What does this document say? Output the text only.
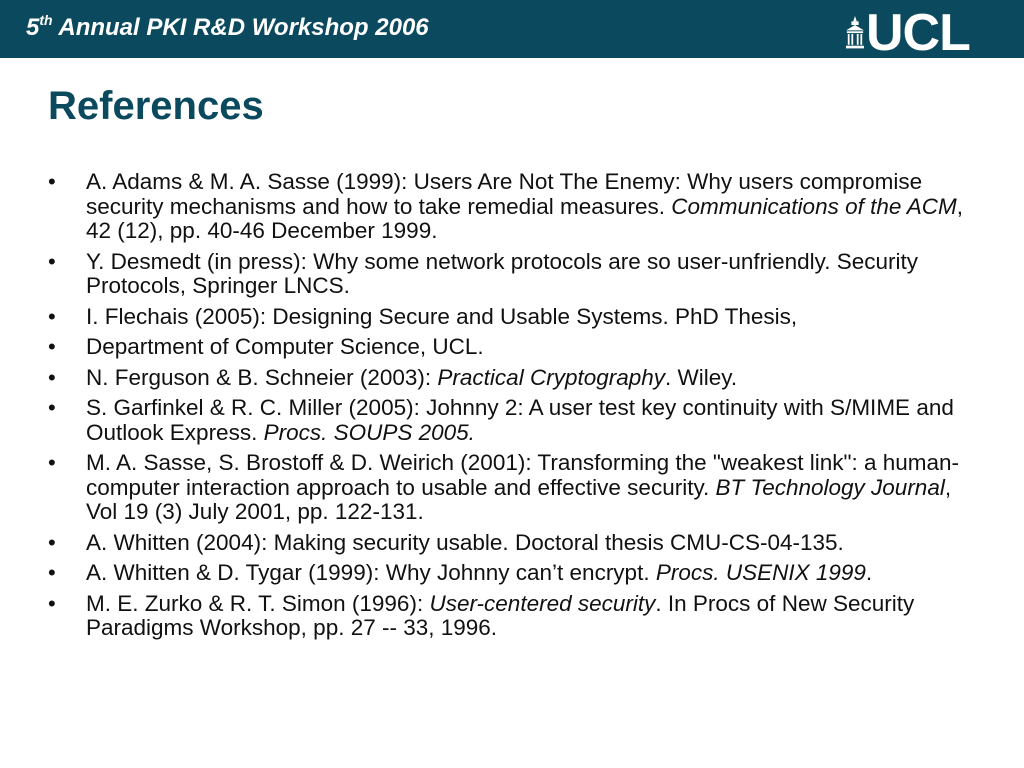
5th Annual PKI R&D Workshop 2006	UCL
References
• A. Adams & M. A. Sasse (1999): Users Are Not The Enemy: Why users compromise security mechanisms and how to take remedial measures. Communications of the ACM, 42 (12), pp. 40-46 December 1999.
• Y. Desmedt (in press): Why some network protocols are so user-unfriendly. Security Protocols, Springer LNCS.
• I. Flechais (2005): Designing Secure and Usable Systems. PhD Thesis,
• Department of Computer Science, UCL.
• N. Ferguson & B. Schneier (2003): Practical Cryptography. Wiley.
• S. Garfinkel & R. C. Miller (2005): Johnny 2: A user test key continuity with S/MIME and Outlook Express. Procs. SOUPS 2005.
• M. A. Sasse, S. Brostoff & D. Weirich (2001): Transforming the "weakest link": a human-computer interaction approach to usable and effective security. BT Technology Journal, Vol 19 (3) July 2001, pp. 122-131.
• A. Whitten (2004): Making security usable. Doctoral thesis CMU-CS-04-135.
• A. Whitten & D. Tygar (1999): Why Johnny can’t encrypt. Procs. USENIX 1999.
• M. E. Zurko & R. T. Simon (1996): User-centered security. In Procs of New Security Paradigms Workshop, pp. 27 -- 33, 1996.
